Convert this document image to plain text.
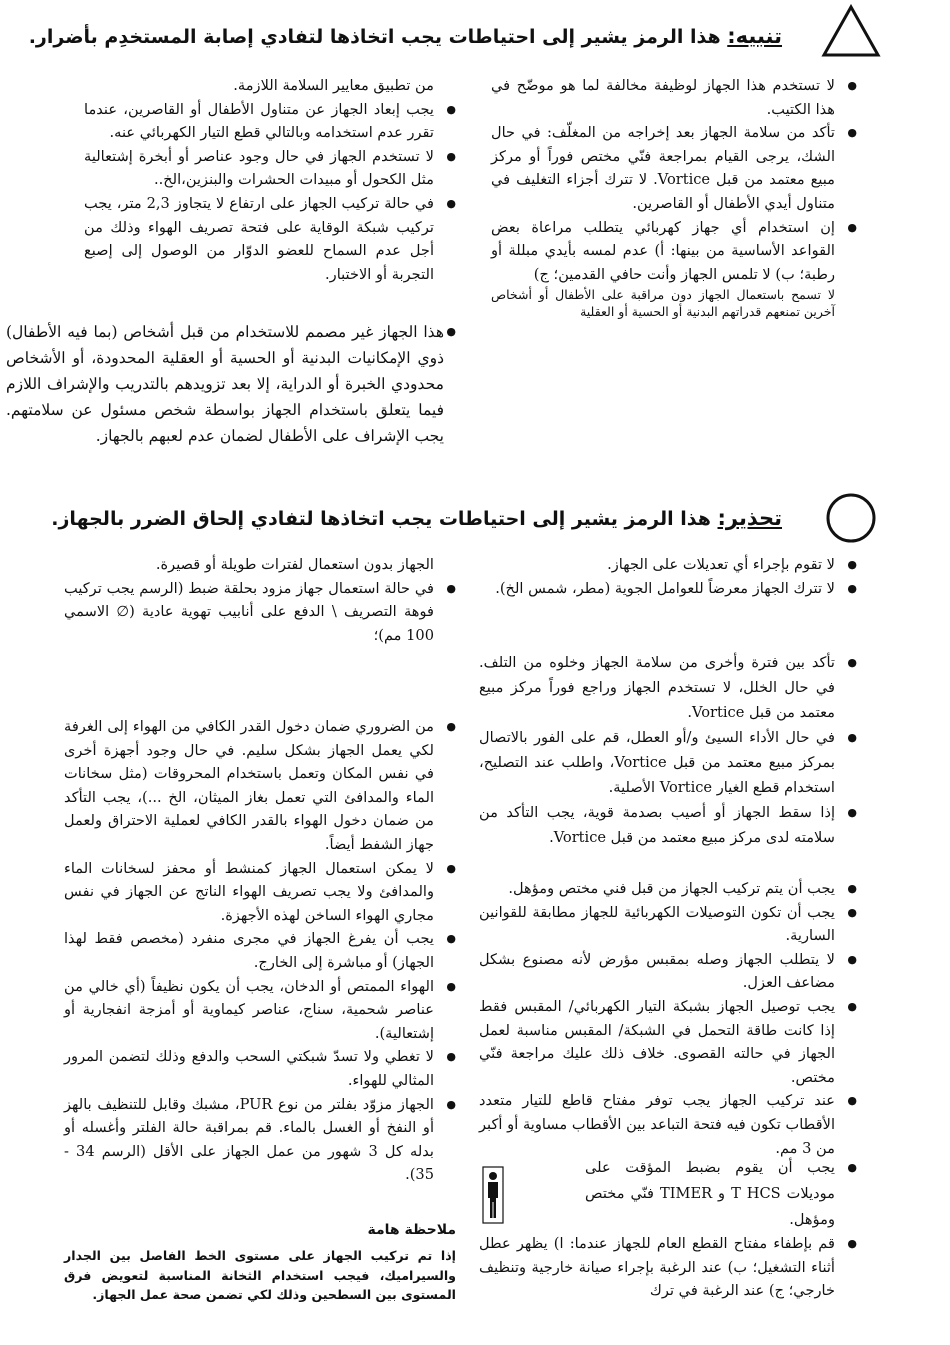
تنبيه: هذا الرمز يشير إلى احتياطات يجب اتخاذها لتفادي إصابة المستخدِم بأضرار.

● لا تستخدم هذا الجهاز لوظيفة مخالفة لما هو موضّح في هذا الكتيب.

● تأكد من سلامة الجهاز بعد إخراجه من المغلّف: في حال الشك، يرجى القيام بمراجعة فنّي مختص فوراً أو مركز مبيع معتمد من قبل Vortice. لا تترك أجزاء التغليف في متناول أيدي الأطفال أو القاصرين.

● إن استخدام أي جهاز كهربائي يتطلب مراعاة بعض القواعد الأساسية من بينها: أ) عدم لمسه بأيدي مبللة أو رطبة؛ ب) لا تلمس الجهاز وأنت حافي القدمين؛ ج)

لا تسمح باستعمال الجهاز دون مراقبة على الأطفال أو أشخاص آخرين تمنعهم قدراتهم البدنية أو الحسية أو العقلية

من تطبيق معايير السلامة اللازمة.

● يجب إبعاد الجهاز عن متناول الأطفال أو القاصرين، عندما تقرر عدم استخدامه وبالتالي قطع التيار الكهربائي عنه.

● لا تستخدم الجهاز في حال وجود عناصر أو أبخرة إشتعالية مثل الكحول أو مبيدات الحشرات والبنزين،الخ..

● في حالة تركيب الجهاز على ارتفاع لا يتجاوز 2,3 متر، يجب تركيب شبكة الوقاية على فتحة تصريف الهواء وذلك من أجل عدم السماح للعضو الدوّار من الوصول إلى إصبع التجربة أو الاختبار.

● هذا الجهاز غير مصمم للاستخدام من قبل أشخاص (بما فيه الأطفال) ذوي الإمكانيات البدنية أو الحسية أو العقلية المحدودة، أو الأشخاص محدودي الخبرة أو الدراية، إلا بعد تزويدهم بالتدريب والإشراف اللازم فيما يتعلق باستخدام الجهاز بواسطة شخص مسئول عن سلامتهم. يجب الإشراف على الأطفال لضمان عدم لعبهم بالجهاز.

تحذير: هذا الرمز يشير إلى احتياطات يجب اتخاذها لتفادي إلحاق الضرر بالجهاز.

● لا تقوم بإجراء أي تعديلات على الجهاز.

● لا تترك الجهاز معرضاً للعوامل الجوية (مطر، شمس الخ).

● تأكد بين فترة وأخرى من سلامة الجهاز وخلوه من التلف. في حال الخلل، لا تستخدم الجهاز وراجع فوراً مركز مبيع معتمد من قبل Vortice.

● في حال الأداء السيئ و/أو العطل، قم على الفور بالاتصال بمركز مبيع معتمد من قبل Vortice، واطلب عند التصليح، استخدام قطع الغيار Vortice الأصلية.

● إذا سقط الجهاز أو أصيب بصدمة قوية، يجب التأكد من سلامته لدى مركز مبيع معتمد من قبل Vortice.

● يجب أن يتم تركيب الجهاز من قبل فني مختص ومؤهل.

● يجب أن تكون التوصيلات الكهربائية للجهاز مطابقة للقوانين السارية.

● لا يتطلب الجهاز وصله بمقبس مؤرض لأنه مصنوع بشكل مضاعف العزل.

● يجب توصيل الجهاز بشبكة التيار الكهربائي/ المقبس فقط إذا كانت طاقة التحمل في الشبكة/ المقبس مناسبة لعمل الجهاز في حالته القصوى. خلاف ذلك عليك مراجعة فنّي مختص.

● عند تركيب الجهاز يجب توفر مفتاح قاطع للتيار متعدد الأقطاب تكون فيه فتحة التباعد بين الأقطاب مساوية أو أكبر من 3 مم.

● يجب أن يقوم بضبط المؤقت على موديلات T HCS و TIMER فنّي مختص ومؤهل.

● قم بإطفاء مفتاح القطع العام للجهاز عندما: ا) يظهر عطل أثناء التشغيل؛ ب) عند الرغبة بإجراء صيانة خارجية وتنظيف خارجي؛ ج) عند الرغبة في ترك

الجهاز بدون استعمال لفترات طويلة أو قصيرة.

● في حالة استعمال جهاز مزود بحلقة ضبط (الرسم يجب تركيب فوهة التصريف \ الدفع على أنابيب تهوية عادية (∅ الاسمي 100 مم)؛

● من الضروري ضمان دخول القدر الكافي من الهواء إلى الغرفة لكي يعمل الجهاز بشكل سليم. في حال وجود أجهزة أخرى في نفس المكان وتعمل باستخدام المحروقات (مثل سخانات الماء والمدافئ التي تعمل بغاز الميثان، الخ ...)، يجب التأكد من ضمان دخول الهواء بالقدر الكافي لعملية الاحتراق ولعمل جهاز الشفط أيضاً.

● لا يمكن استعمال الجهاز كمنشط أو محفز لسخانات الماء والمدافئ ولا يجب تصريف الهواء الناتج عن الجهاز في نفس مجاري الهواء الساخن لهذه الأجهزة.

● يجب أن يفرغ الجهاز في مجرى منفرد (مخصص فقط لهذا الجهاز) أو مباشرة إلى الخارج.

● الهواء الممتص أو الدخان، يجب أن يكون نظيفاً (أي خالي من عناصر شحمية، سناج، عناصر كيماوية أو أمزجة انفجارية أو إشتعالية).

● لا تغطي ولا تسدّ شبكتي السحب والدفع وذلك لتضمن المرور المثالي للهواء.

● الجهاز مزوّد بفلتر من نوع PUR، مشبك وقابل للتنظيف بالهز أو النفخ أو الغسل بالماء. قم بمراقبة حالة الفلتر وأغسله أو بدله كل 3 شهور من عمل الجهاز على الأقل (الرسم 34 - 35).

ملاحظة هامة
إذا تم تركيب الجهاز على مستوى الخط الفاصل بين الجدار والسيراميك، فيجب استخدام الثخانة المناسبة لتعويض فرق المستوى بين السطحين وذلك لكي تضمن صحة عمل الجهاز.
